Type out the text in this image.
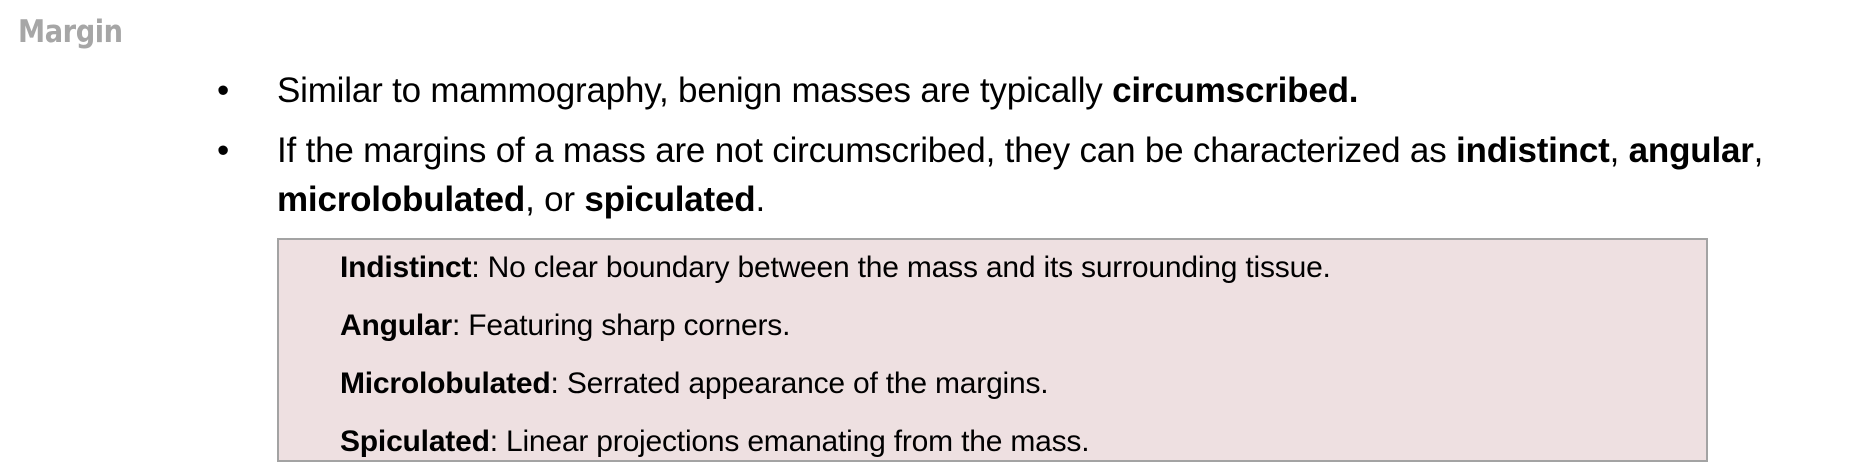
Margin
• Similar to mammography, benign masses are typically circumscribed.
• If the margins of a mass are not circumscribed, they can be characterized as indistinct, angular, microlobulated, or spiculated.
Indistinct: No clear boundary between the mass and its surrounding tissue.
Angular: Featuring sharp corners.
Microlobulated: Serrated appearance of the margins.
Spiculated: Linear projections emanating from the mass.
